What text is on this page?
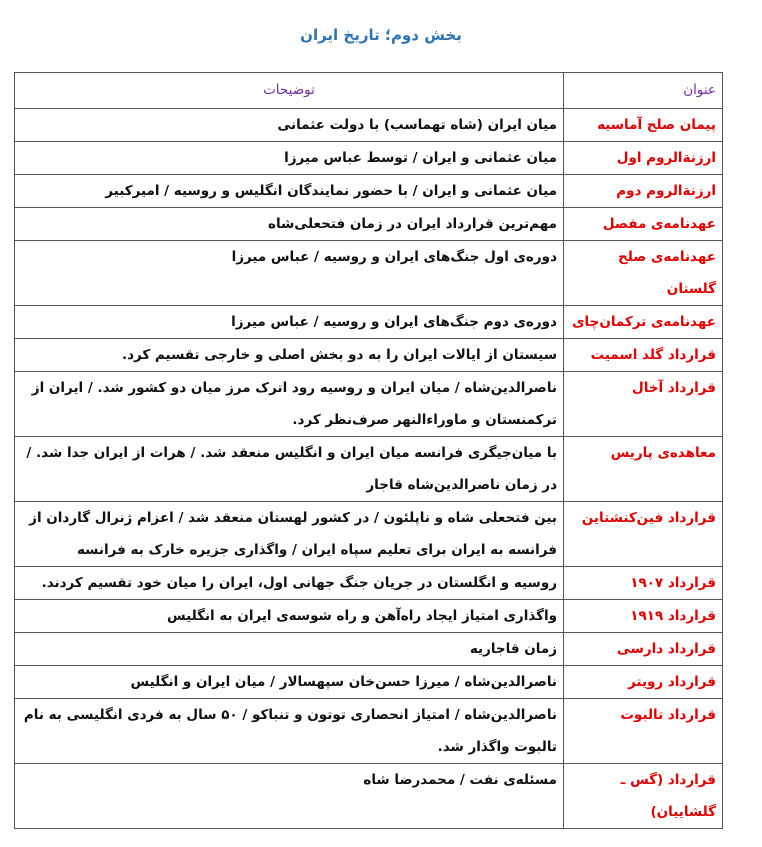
بخش دوم؛ تاریخ ایران
عنوان	توضیحات
پیمان صلح آماسیه	میان ایران (شاه تهماسب) با دولت عثمانی
ارزنةالروم اول	میان عثمانی و ایران / توسط عباس میرزا
ارزنةالروم دوم	میان عثمانی و ایران / با حضور نمایندگان انگلیس و روسیه / امیرکبیر
عهدنامه‌ی مفصل	مهم‌ترین قرارداد ایران در زمان فتحعلی‌شاه
عهدنامه‌ی صلح گلستان	دوره‌ی اول جنگ‌های ایران و روسیه / عباس میرزا
عهدنامه‌ی ترکمان‌چای	دوره‌ی دوم جنگ‌های ایران و روسیه / عباس میرزا
قرارداد گلد اسمیت	سیستان از ایالات ایران را به دو بخش اصلی و خارجی تقسیم کرد.
قرارداد آخال	ناصرالدین‌شاه / میان ایران و روسیه رود اترک مرز میان دو کشور شد. / ایران از ترکمنستان و ماوراءالنهر صرف‌نظر کرد.
معاهده‌ی پاریس	با میان‌جیگری فرانسه میان ایران و انگلیس منعقد شد. / هرات از ایران جدا شد. / در زمان ناصرالدین‌شاه قاجار
قرارداد فین‌کنشتاین	بین فتحعلی شاه و ناپلئون / در کشور لهستان منعقد شد / اعزام ژنرال گاردان از فرانسه به ایران برای تعلیم سپاه ایران / واگذاری جزیره خارک به فرانسه
قرارداد ۱۹۰۷	روسیه و انگلستان در جریان جنگ جهانی اول، ایران را میان خود تقسیم کردند.
قرارداد ۱۹۱۹	واگذاری امتیاز ایجاد راه‌آهن و راه شوسه‌ی ایران به انگلیس
قرارداد دارسی	زمان قاجاریه
قرارداد رویتر	ناصرالدین‌شاه / میرزا حسن‌خان سپهسالار / میان ایران و انگلیس
قرارداد تالبوت	ناصرالدین‌شاه / امتیاز انحصاری توتون و تنباکو / ۵۰ سال به فردی انگلیسی به نام تالبوت واگذار شد.
قرارداد (گس ـ گلشاییان)	مسئله‌ی نفت / محمدرضا شاه
